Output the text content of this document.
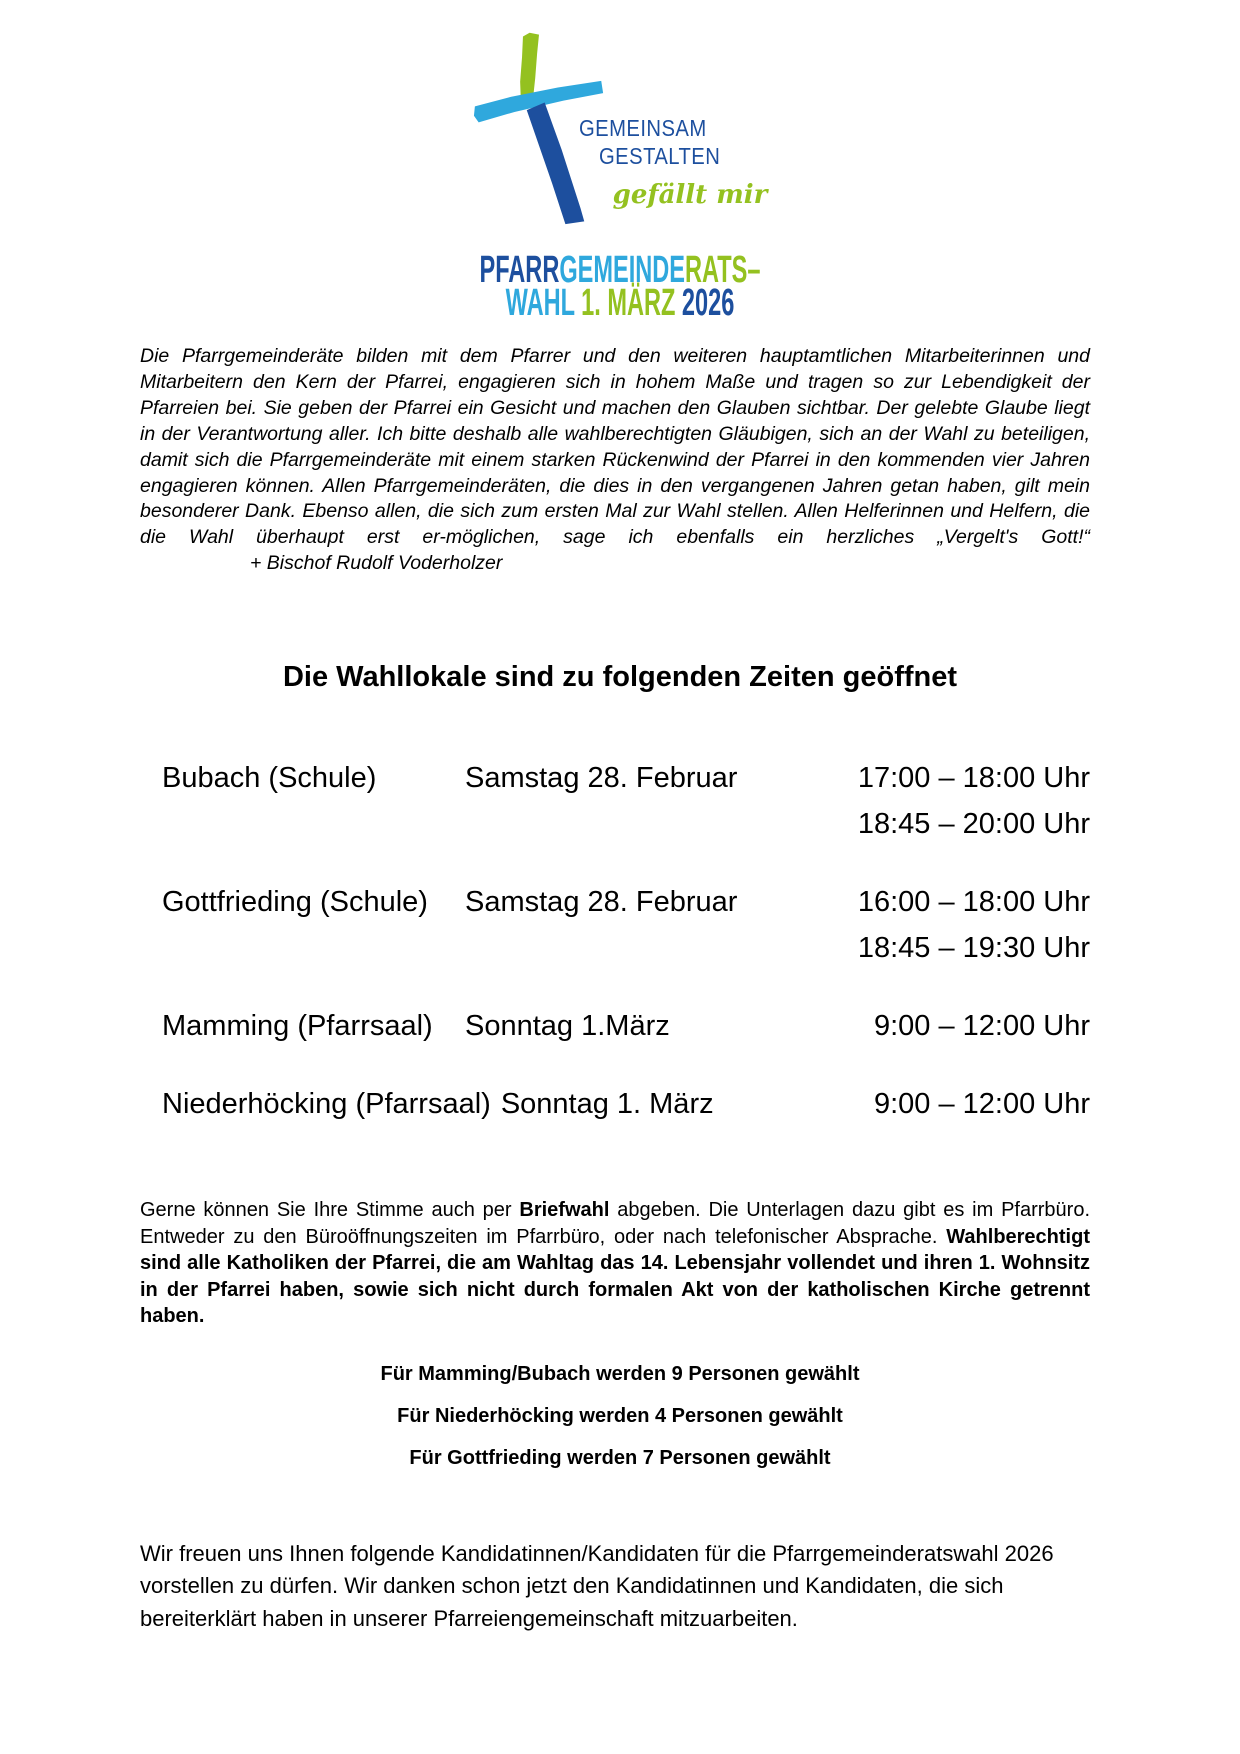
GEMEINSAM
GESTALTEN
gefällt mir
PFARRGEMEINDERATS–
WAHL 1. MÄRZ 2026

Die Pfarrgemeinderäte bilden mit dem Pfarrer und den weiteren hauptamtlichen Mitarbeiterinnen und Mitarbeitern den Kern der Pfarrei, engagieren sich in hohem Maße und tragen so zur Lebendigkeit der Pfarreien bei. Sie geben der Pfarrei ein Gesicht und machen den Glauben sichtbar. Der gelebte Glaube liegt in der Verantwortung aller. Ich bitte deshalb alle wahlberechtigten Gläubigen, sich an der Wahl zu beteiligen, damit sich die Pfarrgemeinderäte mit einem starken Rückenwind der Pfarrei in den kommenden vier Jahren engagieren können. Allen Pfarrgemeinderäten, die dies in den vergangenen Jahren getan haben, gilt mein besonderer Dank. Ebenso allen, die sich zum ersten Mal zur Wahl stellen. Allen Helferinnen und Helfern, die die Wahl überhaupt erst er-möglichen, sage ich ebenfalls ein herzliches „Vergelt's Gott!“+ Bischof Rudolf Voderholzer

Die Wahllokale sind zu folgenden Zeiten geöffnet
Bubach (Schule)	Samstag 28. Februar	17:00 – 18:00 Uhr
18:45 – 20:00 Uhr
Gottfrieding (Schule)	Samstag 28. Februar	16:00 – 18:00 Uhr
18:45 – 19:30 Uhr
Mamming (Pfarrsaal)	Sonntag 1.März	9:00 – 12:00 Uhr
Niederhöcking (Pfarrsaal) Sonntag 1. März	9:00 – 12:00 Uhr

Gerne können Sie Ihre Stimme auch per Briefwahl abgeben. Die Unterlagen dazu gibt es im Pfarrbüro. Entweder zu den Büroöffnungszeiten im Pfarrbüro, oder nach telefonischer Absprache. Wahlberechtigt sind alle Katholiken der Pfarrei, die am Wahltag das 14. Lebensjahr vollendet und ihren 1. Wohnsitz in der Pfarrei haben, sowie sich nicht durch formalen Akt von der katholischen Kirche getrennt haben.

Für Mamming/Bubach werden 9 Personen gewählt
Für Niederhöcking werden 4 Personen gewählt
Für Gottfrieding werden 7 Personen gewählt

Wir freuen uns Ihnen folgende Kandidatinnen/Kandidaten für die Pfarrgemeinderatswahl 2026 vorstellen zu dürfen. Wir danken schon jetzt den Kandidatinnen und Kandidaten, die sich bereiterklärt haben in unserer Pfarreiengemeinschaft mitzuarbeiten.
